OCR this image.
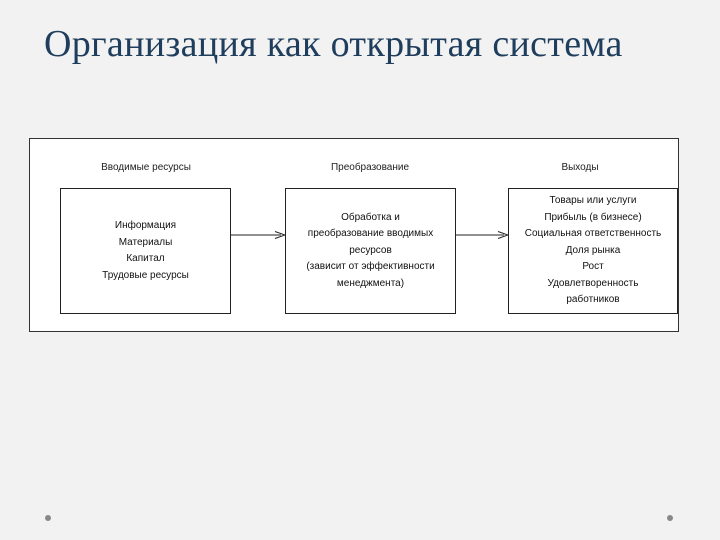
Организация как открытая система
Вводимые ресурсы	Преобразование	Выходы
Информация
Материалы
Капитал
Трудовые ресурсы
Обработка и
преобразование вводимых
ресурсов
(зависит от эффективности
менеджмента)
Товары или услуги
Прибыль (в бизнесе)
Социальная ответственность
Доля рынка
Рост
Удовлетворенность
работников
